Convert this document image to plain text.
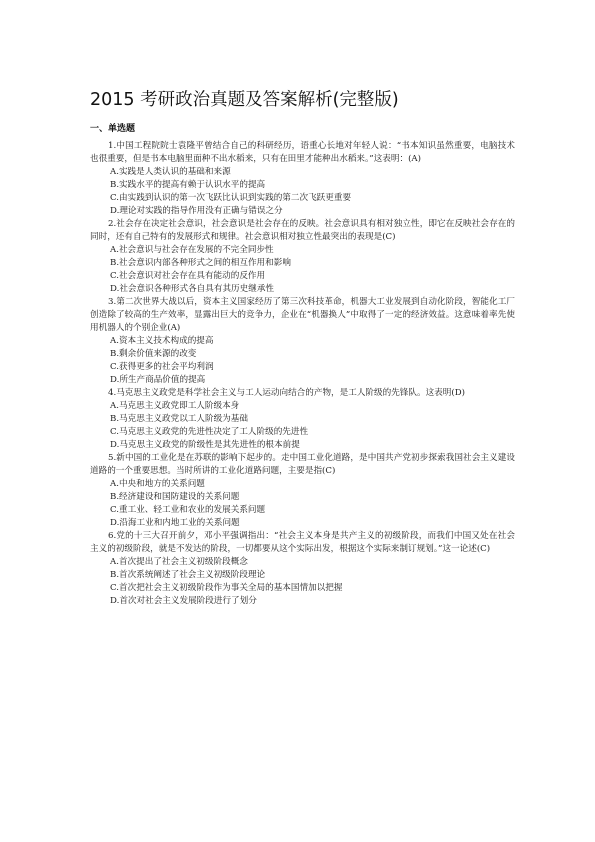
2015 考研政治真题及答案解析(完整版)
一、单选题

1.中国工程院院士袁隆平曾结合自己的科研经历，语重心长地对年轻人说：“书本知识虽然重要，电脑技术也很重要，但是书本电脑里面种不出水稻来，只有在田里才能种出水稻来。”这表明：(A)

A.实践是人类认识的基础和来源
B.实践水平的提高有赖于认识水平的提高
C.由实践到认识的第一次飞跃比认识到实践的第二次飞跃更重要
D.理论对实践的指导作用没有正确与错误之分

2.社会存在决定社会意识，社会意识是社会存在的反映。社会意识具有相对独立性，即它在反映社会存在的同时，还有自己特有的发展形式和规律。社会意识相对独立性最突出的表现是(C)

A.社会意识与社会存在发展的不完全同步性
B.社会意识内部各种形式之间的相互作用和影响
C.社会意识对社会存在具有能动的反作用
D.社会意识各种形式各自具有其历史继承性

3.第二次世界大战以后，资本主义国家经历了第三次科技革命，机器大工业发展到自动化阶段，智能化工厂创造除了较高的生产效率，显露出巨大的竞争力，企业在“机器换人”中取得了一定的经济效益。这意味着率先使用机器人的个别企业(A)

A.资本主义技术构成的提高
B.剩余价值来源的改变
C.获得更多的社会平均利润
D.所生产商品价值的提高

4.马克思主义政党是科学社会主义与工人运动向结合的产物，是工人阶级的先锋队。这表明(D)

A.马克思主义政党即工人阶级本身
B.马克思主义政党以工人阶级为基础
C.马克思主义政党的先进性决定了工人阶级的先进性
D.马克思主义政党的阶级性是其先进性的根本前提

5.新中国的工业化是在苏联的影响下起步的。走中国工业化道路，是中国共产党初步探索我国社会主义建设道路的一个重要思想。当时所讲的工业化道路问题，主要是指(C)

A.中央和地方的关系问题
B.经济建设和国防建设的关系问题
C.重工业、轻工业和农业的发展关系问题
D.沿海工业和内地工业的关系问题

6.党的十三大召开前夕，邓小平强调指出：“社会主义本身是共产主义的初级阶段，而我们中国又处在社会主义的初级阶段，就是不发达的阶段，一切都要从这个实际出发，根据这个实际来制订规划。”这一论述(C)

A.首次提出了社会主义初级阶段概念
B.首次系统阐述了社会主义初级阶段理论
C.首次把社会主义初级阶段作为事关全局的基本国情加以把握
D.首次对社会主义发展阶段进行了划分
